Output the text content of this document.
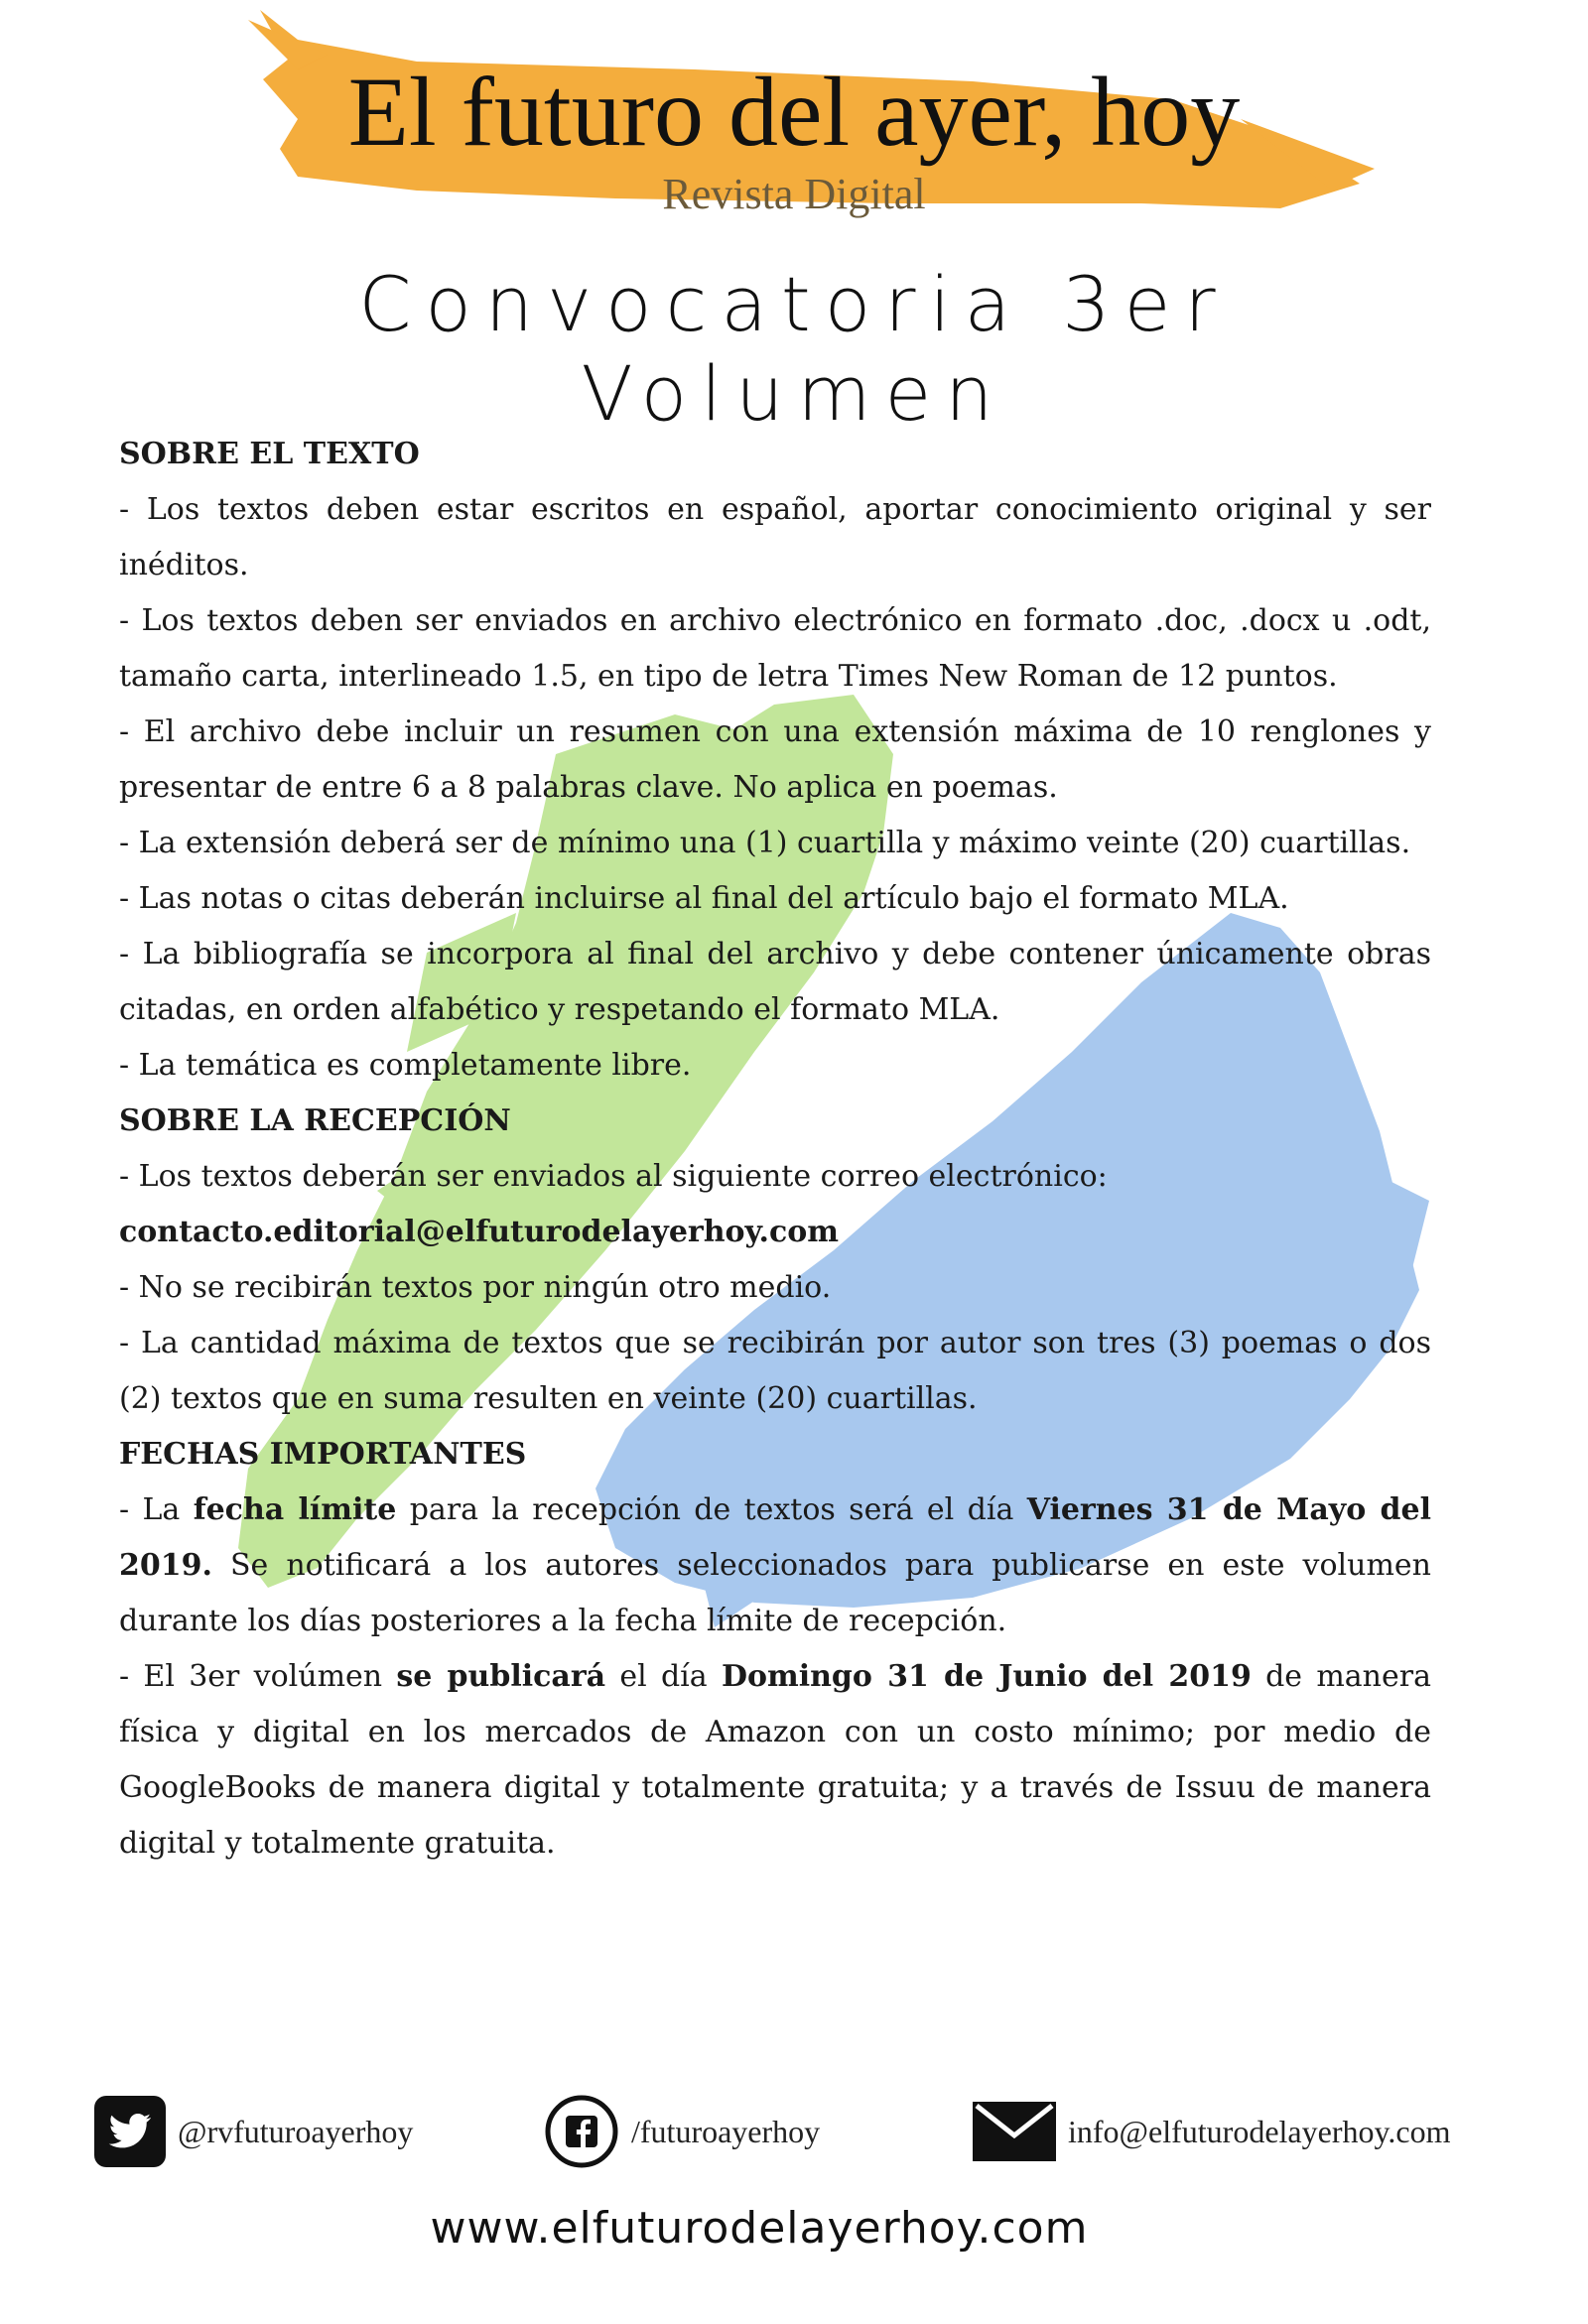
El futuro del ayer, hoy
Revista Digital
Convocatoria 3er
Volumen

SOBRE EL TEXTO

- Los textos deben estar escritos en español, aportar conocimiento original y ser inéditos.

- Los textos deben ser enviados en archivo electrónico en formato .doc, .docx u .odt, tamaño carta, interlineado 1.5, en tipo de letra Times New Roman de 12 puntos.

- El archivo debe incluir un resumen con una extensión máxima de 10 renglones y presentar de entre 6 a 8 palabras clave. No aplica en poemas.

- La extensión deberá ser de mínimo una (1) cuartilla y máximo veinte (20) cuartillas.

- Las notas o citas deberán incluirse al final del artículo bajo el formato MLA.

- La bibliografía se incorpora al final del archivo y debe contener únicamente obras citadas, en orden alfabético y respetando el formato MLA.

- La temática es completamente libre.

SOBRE LA RECEPCIÓN

- Los textos deberán ser enviados al siguiente correo electrónico:

contacto.editorial@elfuturodelayerhoy.com

- No se recibirán textos por ningún otro medio.

- La cantidad máxima de textos que se recibirán por autor son tres (3) poemas o dos (2) textos que en suma resulten en veinte (20) cuartillas.

FECHAS IMPORTANTES

- La fecha límite para la recepción de textos será el día Viernes 31 de Mayo del 2019. Se notificará a los autores seleccionados para publicarse en este volumen durante los días posteriores a la fecha límite de recepción.

- El 3er volúmen se publicará el día Domingo 31 de Junio del 2019 de manera física y digital en los mercados de Amazon con un costo mínimo; por medio de GoogleBooks de manera digital y totalmente gratuita; y a través de Issuu de manera digital y totalmente gratuita.

@rvfuturoayerhoy	/futuroayerhoy	info@elfuturodelayerhoy.com
www.elfuturodelayerhoy.com
